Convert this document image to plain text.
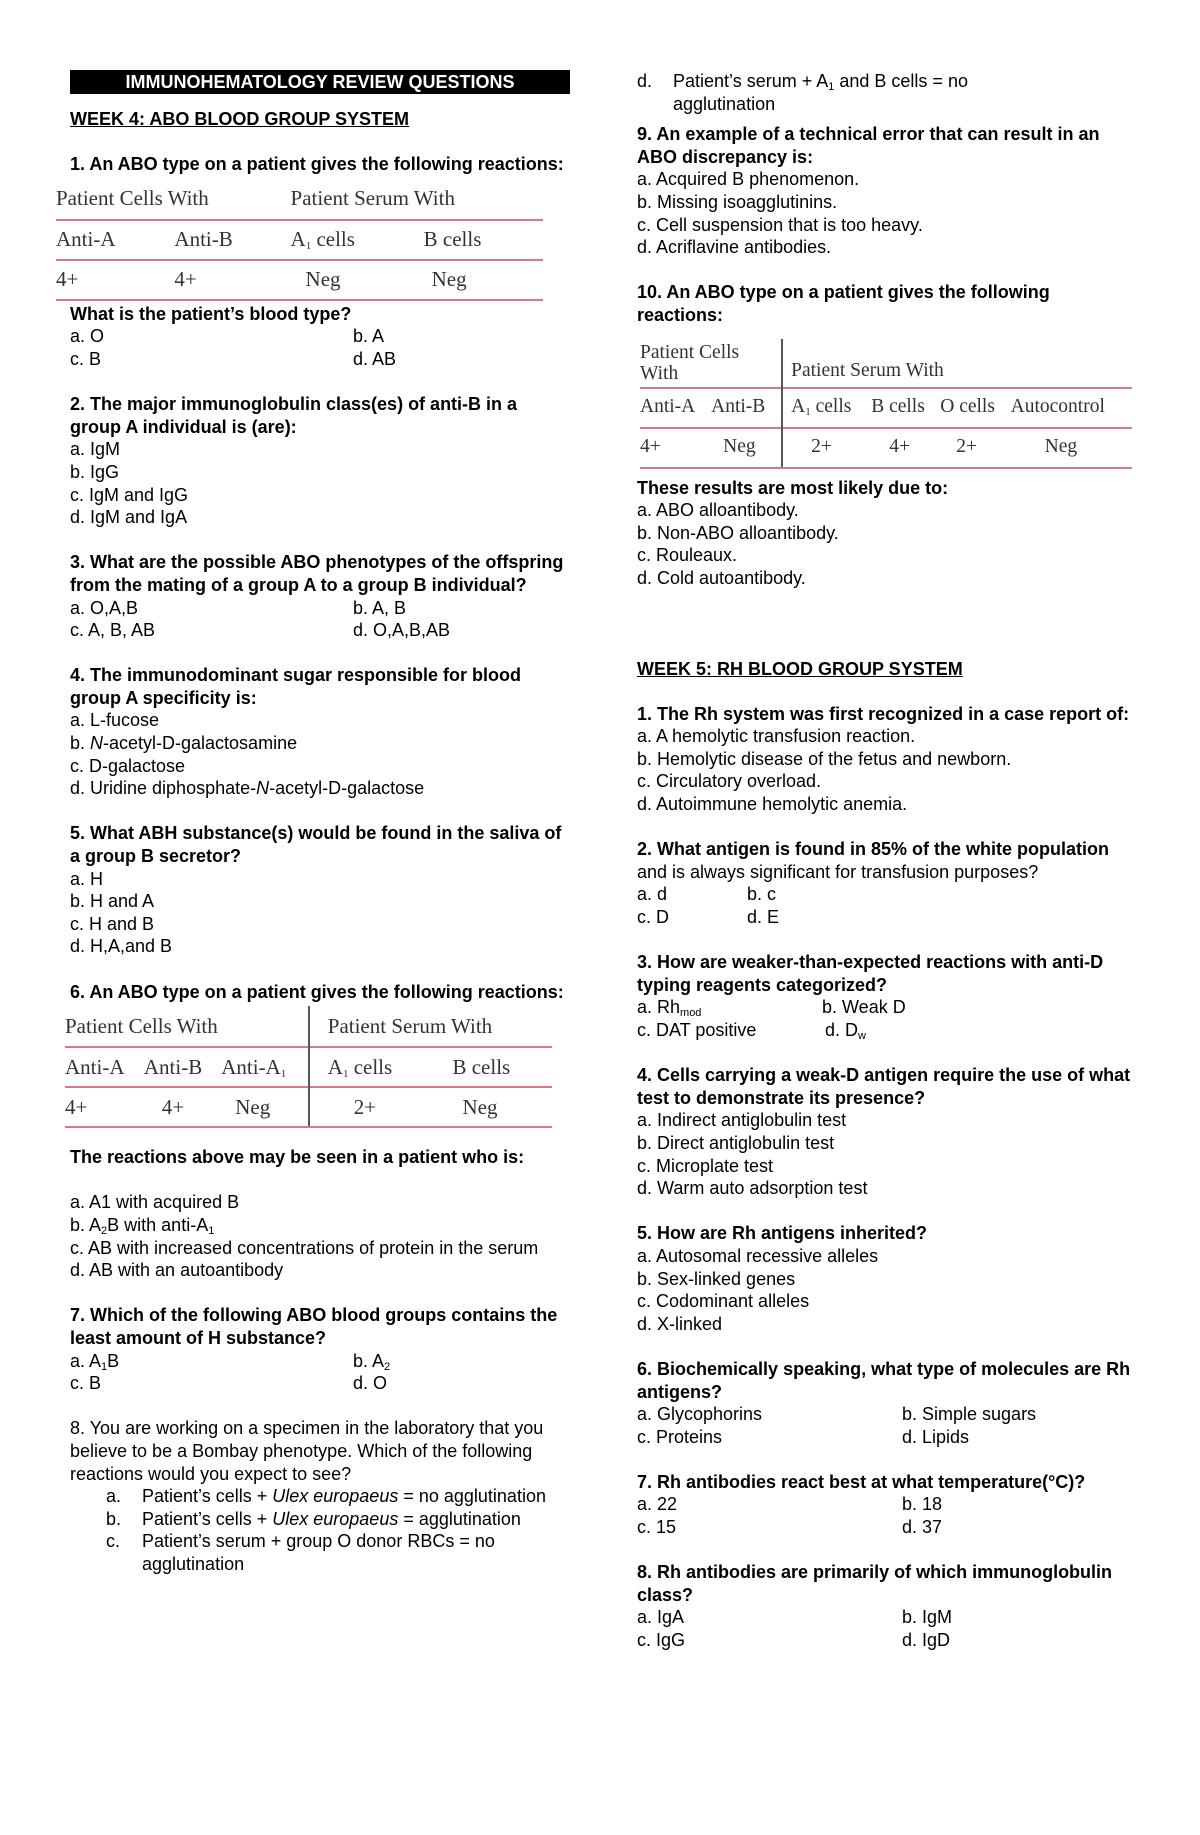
IMMUNOHEMATOLOGY REVIEW QUESTIONS

WEEK 4: ABO BLOOD GROUP SYSTEM

1. An ABO type on a patient gives the following reactions:

Patient Cells With		Patient Serum With	
Anti-A	Anti-B	$A_1$ cells	B cells
4+	4+	Neg	Neg

What is the patient’s blood type?

a. O	b. A
c. B	d. AB

2. The major immunoglobulin class(es) of anti-B in a group A individual is (are):

a. IgM

b. IgG

c. IgM and IgG

d. IgM and IgA

3. What are the possible ABO phenotypes of the offspring from the mating of a group A to a group B individual?

a. O,A,B	b. A, B
c. A, B, AB	d. O,A,B,AB

4. The immunodominant sugar responsible for blood group A specificity is:

a. L-fucose

b. N-acetyl-D-galactosamine

c. D-galactose

d. Uridine diphosphate-N-acetyl-D-galactose

5. What ABH substance(s) would be found in the saliva of a group B secretor?

a. H

b. H and A

c. H and B

d. H,A,and B

6. An ABO type on a patient gives the following reactions:

Patient Cells With			Patient Serum With	
Anti-A	Anti-B	Anti-$A_1$	$A_1$ cells	B cells
4+	4+	Neg	2+	Neg

The reactions above may be seen in a patient who is:

a. A1 with acquired B

b. $A_2B$ with anti-$A_1$

c. AB with increased concentrations of protein in the serum

d. AB with an autoantibody

7. Which of the following ABO blood groups contains the least amount of H substance?

a. $A_1B$	b. $A_2$
c. B	d. O

8. You are working on a specimen in the laboratory that you believe to be a Bombay phenotype. Which of the following reactions would you expect to see?

a.	Patient’s cells + Ulex europaeus = no agglutination
b.	Patient’s cells + Ulex europaeus = agglutination
c.	Patient’s serum + group O donor RBCs = no agglutination
d.	Patient’s serum + $A_1$ and B cells = no agglutination

9. An example of a technical error that can result in an ABO discrepancy is:

a. Acquired B phenomenon.

b. Missing isoagglutinins.

c. Cell suspension that is too heavy.

d. Acriflavine antibodies.

10. An ABO type on a patient gives the following reactions:

Patient Cells
With		Patient Serum With			
Anti-A	Anti-B	$A_1$ cells	B cells	O cells	Autocontrol
4+	Neg	2+	4+	2+	Neg

These results are most likely due to:

a. ABO alloantibody.

b. Non-ABO alloantibody.

c. Rouleaux.

d. Cold autoantibody.

WEEK 5: RH BLOOD GROUP SYSTEM

1. The Rh system was first recognized in a case report of:

a. A hemolytic transfusion reaction.

b. Hemolytic disease of the fetus and newborn.

c. Circulatory overload.

d. Autoimmune hemolytic anemia.

2. What antigen is found in 85% of the white population

and is always significant for transfusion purposes?

a. d	b. c
c. D	d. E

3. How are weaker-than-expected reactions with anti-D typing reagents categorized?

a. $Rh_{mod}$	b. Weak D
c. DAT positive	d. $D_w$

4. Cells carrying a weak-D antigen require the use of what test to demonstrate its presence?

a. Indirect antiglobulin test

b. Direct antiglobulin test

c. Microplate test

d. Warm auto adsorption test

5. How are Rh antigens inherited?

a. Autosomal recessive alleles

b. Sex-linked genes

c. Codominant alleles

d. X-linked

6. Biochemically speaking, what type of molecules are Rh antigens?

a. Glycophorins	b. Simple sugars
c. Proteins	d. Lipids

7. Rh antibodies react best at what temperature(°C)?

a. 22	b. 18
c. 15	d. 37

8. Rh antibodies are primarily of which immunoglobulin class?

a. IgA	b. IgM
c. IgG	d. IgD
